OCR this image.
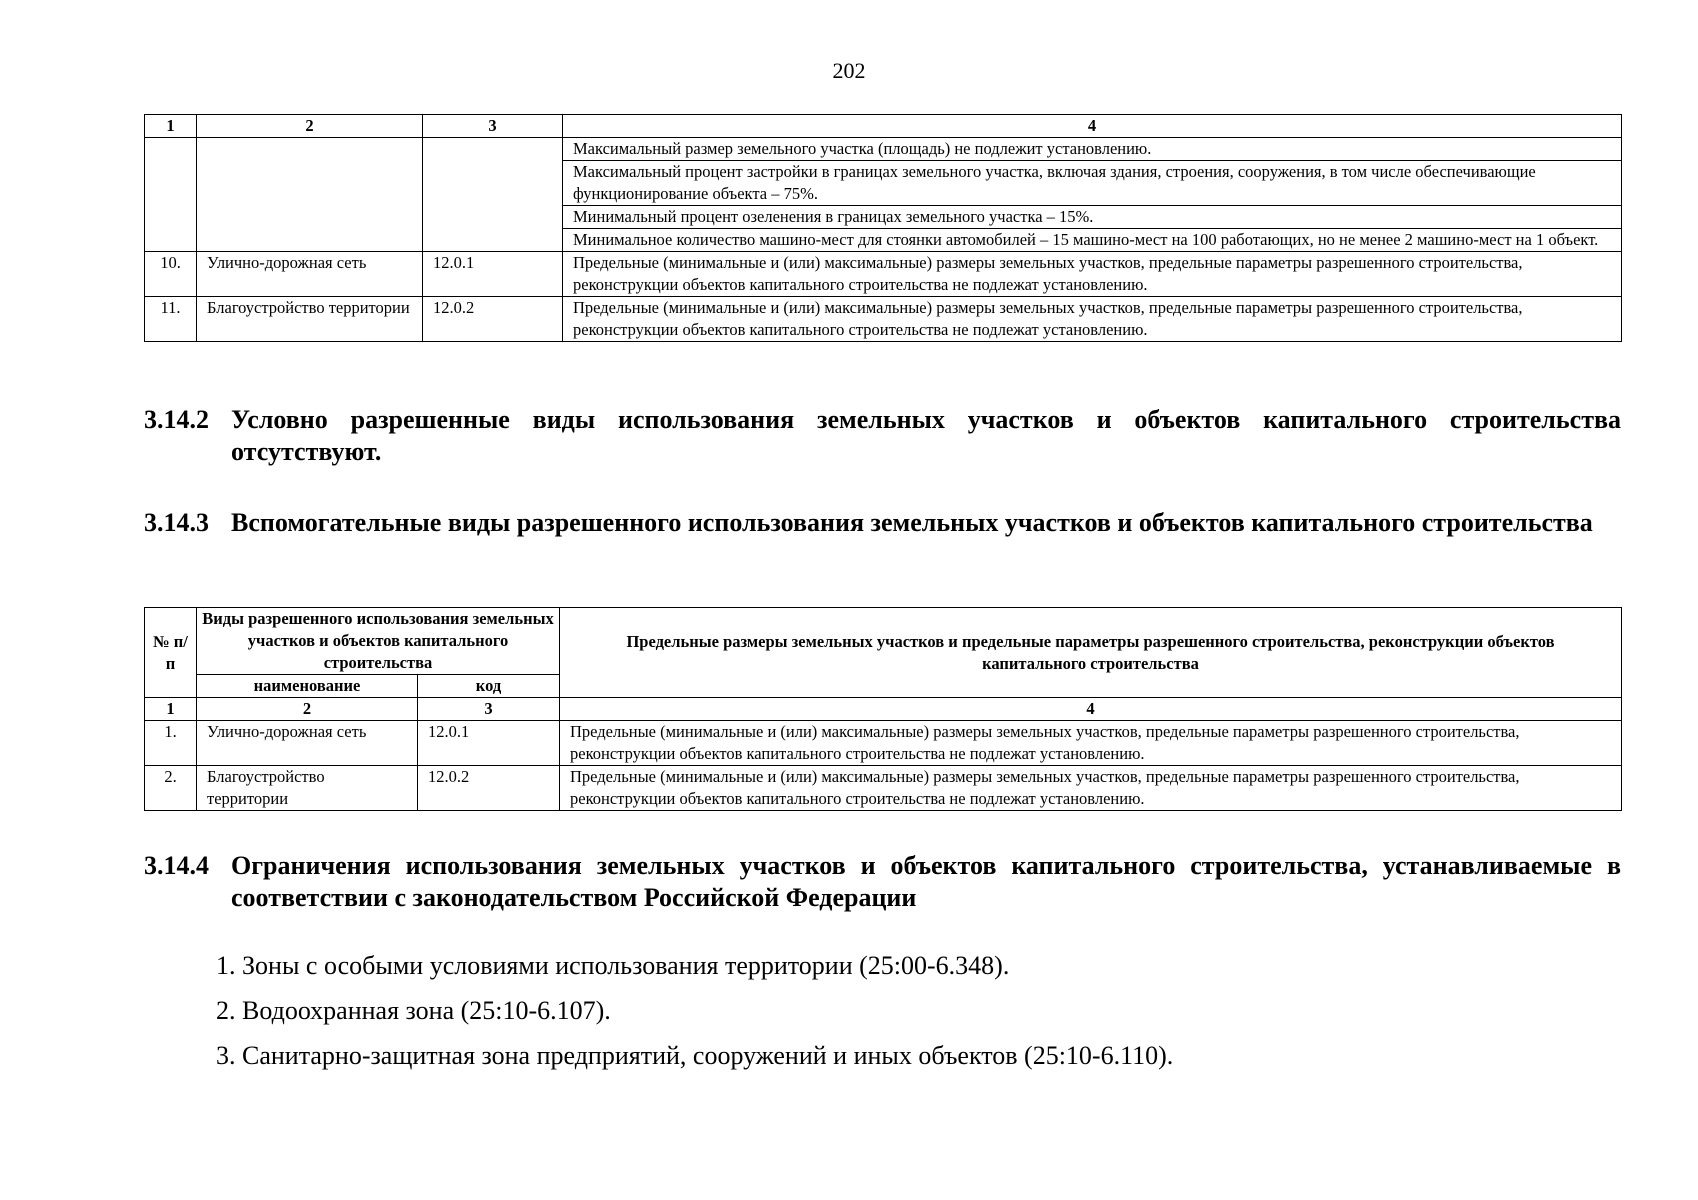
202
1	2	3	4
			Максимальный размер земельного участка (площадь) не подлежит установлению.
			Максимальный процент застройки в границах земельного участка, включая здания, строения, сооружения, в том числе обеспечивающие функционирование объекта – 75%.
			Минимальный процент озеленения в границах земельного участка – 15%.
			Минимальное количество машино-мест для стоянки автомобилей – 15 машино-мест на 100 работающих, но не менее 2 машино-мест на 1 объект.
10.	Улично-дорожная сеть	12.0.1	Предельные (минимальные и (или) максимальные) размеры земельных участков, предельные параметры разрешенного строительства, реконструкции объектов капитального строительства не подлежат установлению.
11.	Благоустройство территории	12.0.2	Предельные (минимальные и (или) максимальные) размеры земельных участков, предельные параметры разрешенного строительства, реконструкции объектов капитального строительства не подлежат установлению.
3.14.2 Условно разрешенные виды использования земельных участков и объектов капитального строительства отсутствуют.
3.14.3 Вспомогательные виды разрешенного использования земельных участков и объектов капитального строительства
№ п/п	Виды разрешенного использования земельных участков и объектов капитального строительства		Предельные размеры земельных участков и предельные параметры разрешенного строительства, реконструкции объектов капитального строительства
	наименование	код	
1	2	3	4
1.	Улично-дорожная сеть	12.0.1	Предельные (минимальные и (или) максимальные) размеры земельных участков, предельные параметры разрешенного строительства, реконструкции объектов капитального строительства не подлежат установлению.
2.	Благоустройство территории	12.0.2	Предельные (минимальные и (или) максимальные) размеры земельных участков, предельные параметры разрешенного строительства, реконструкции объектов капитального строительства не подлежат установлению.
3.14.4 Ограничения использования земельных участков и объектов капитального строительства, устанавливаемые в соответствии с законодательством Российской Федерации
1. Зоны с особыми условиями использования территории (25:00-6.348).
2. Водоохранная зона (25:10-6.107).
3. Санитарно-защитная зона предприятий, сооружений и иных объектов (25:10-6.110).
